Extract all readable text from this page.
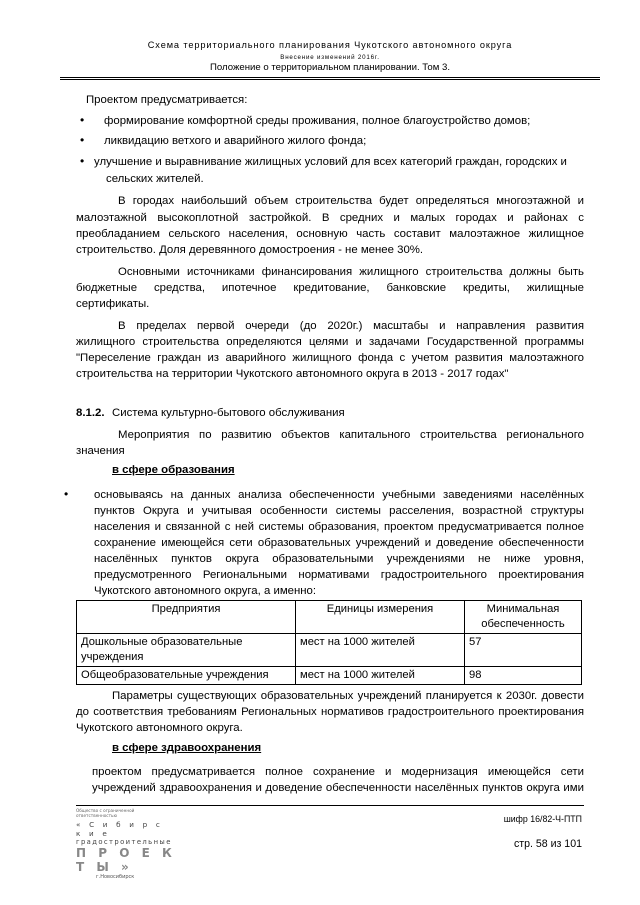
Схема территориального планирования Чукотского автономного округа
Внесение изменений 2016г.
Положение о территориальном планировании. Том 3.
Проектом предусматривается:
• формирование комфортной среды проживания, полное благоустройство домов;
• ликвидацию ветхого и аварийного жилого фонда;
• улучшение и выравнивание жилищных условий для всех категорий граждан, городских и
сельских жителей.
В городах наибольший объем строительства будет определяться многоэтажной и
малоэтажной высокоплотной застройкой. В средних и малых городах и районах с
преобладанием сельского населения, основную часть составит малоэтажное жилищное
строительство. Доля деревянного домостроения - не менее 30%.
Основными источниками финансирования жилищного строительства должны быть
бюджетные средства, ипотечное кредитование, банковские кредиты, жилищные
сертификаты.
В пределах первой очереди (до 2020г.) масштабы и направления развития
жилищного строительства определяются целями и задачами Государственной программы
"Переселение граждан из аварийного жилищного фонда с учетом развития малоэтажного
строительства на территории Чукотского автономного округа в 2013 - 2017 годах"
8.1.2. Система культурно-бытового обслуживания
Мероприятия по развитию объектов капитального строительства регионального
значения
в сфере образования
• основываясь на данных анализа обеспеченности учебными заведениями населённых
пунктов Округа и учитывая особенности системы расселения, возрастной структуры
населения и связанной с ней системы образования, проектом предусматривается полное
сохранение имеющейся сети образовательных учреждений и доведение обеспеченности
населённых пунктов округа образовательными учреждениями не ниже уровня,
предусмотренного Региональными нормативами градостроительного проектирования
Чукотского автономного округа, а именно:
Предприятия	Единицы измерения	Минимальная обеспеченность
Дошкольные образовательные учреждения	мест на 1000 жителей	57
Общеобразовательные учреждения	мест на 1000 жителей	98
Параметры существующих образовательных учреждений планируется к 2030г. довести
до соответствия требованиям Региональных нормативов градостроительного проектирования
Чукотского автономного округа.
в сфере здравоохранения
проектом предусматривается полное сохранение и модернизация имеющейся сети
учреждений здравоохранения и доведение обеспеченности населённых пунктов округа ими
Общество с ограниченной ответственностью
« С и б и р с к и е
градостроительные
П Р О Е К Т Ы »
г.Новосибирск
шифр 16/82-Ч-ПТП
стр. 58 из 101
